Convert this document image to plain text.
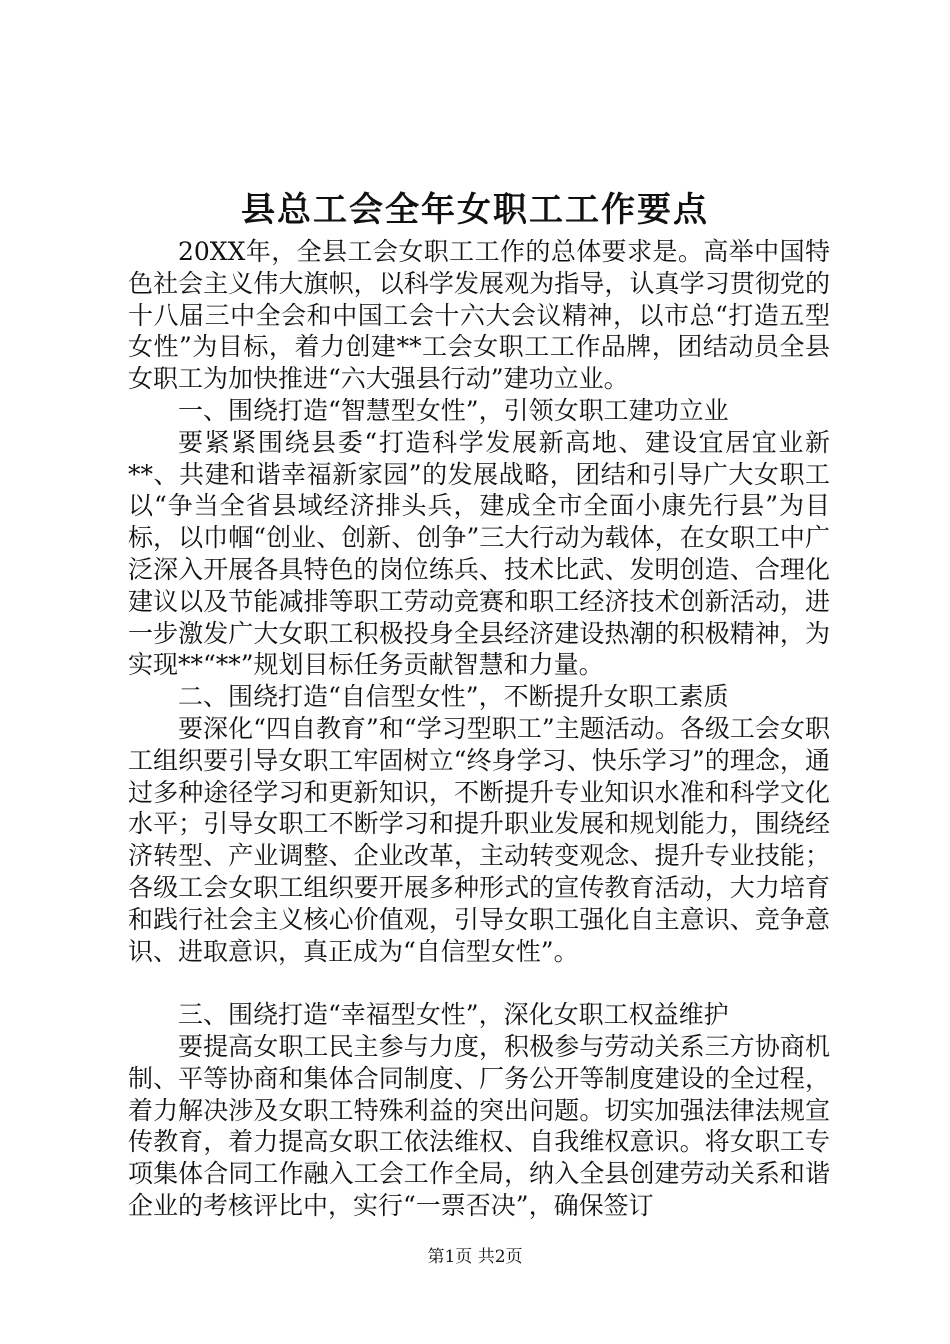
县总工会全年女职工工作要点

20XX年，全县工会女职工工作的总体要求是。高举中国特色社会主义伟大旗帜，以科学发展观为指导，认真学习贯彻党的十八届三中全会和中国工会十六大会议精神，以市总“打造五型女性”为目标，着力创建**工会女职工工作品牌，团结动员全县女职工为加快推进“六大强县行动”建功立业。

一、围绕打造“智慧型女性”，引领女职工建功立业

要紧紧围绕县委“打造科学发展新高地、建设宜居宜业新**、共建和谐幸福新家园”的发展战略，团结和引导广大女职工以“争当全省县域经济排头兵，建成全市全面小康先行县”为目标，以巾帼“创业、创新、创争”三大行动为载体，在女职工中广泛深入开展各具特色的岗位练兵、技术比武、发明创造、合理化建议以及节能减排等职工劳动竞赛和职工经济技术创新活动，进一步激发广大女职工积极投身全县经济建设热潮的积极精神，为实现**“**”规划目标任务贡献智慧和力量。

二、围绕打造“自信型女性”，不断提升女职工素质

要深化“四自教育”和“学习型职工”主题活动。各级工会女职工组织要引导女职工牢固树立“终身学习、快乐学习”的理念，通过多种途径学习和更新知识，不断提升专业知识水准和科学文化水平；引导女职工不断学习和提升职业发展和规划能力，围绕经济转型、产业调整、企业改革，主动转变观念、提升专业技能；各级工会女职工组织要开展多种形式的宣传教育活动，大力培育和践行社会主义核心价值观，引导女职工强化自主意识、竞争意识、进取意识，真正成为“自信型女性”。

三、围绕打造“幸福型女性”，深化女职工权益维护

要提高女职工民主参与力度，积极参与劳动关系三方协商机制、平等协商和集体合同制度、厂务公开等制度建设的全过程，着力解决涉及女职工特殊利益的突出问题。切实加强法律法规宣传教育，着力提高女职工依法维权、自我维权意识。将女职工专项集体合同工作融入工会工作全局，纳入全县创建劳动关系和谐企业的考核评比中，实行“一票否决”，确保签订

第1页 共2页
